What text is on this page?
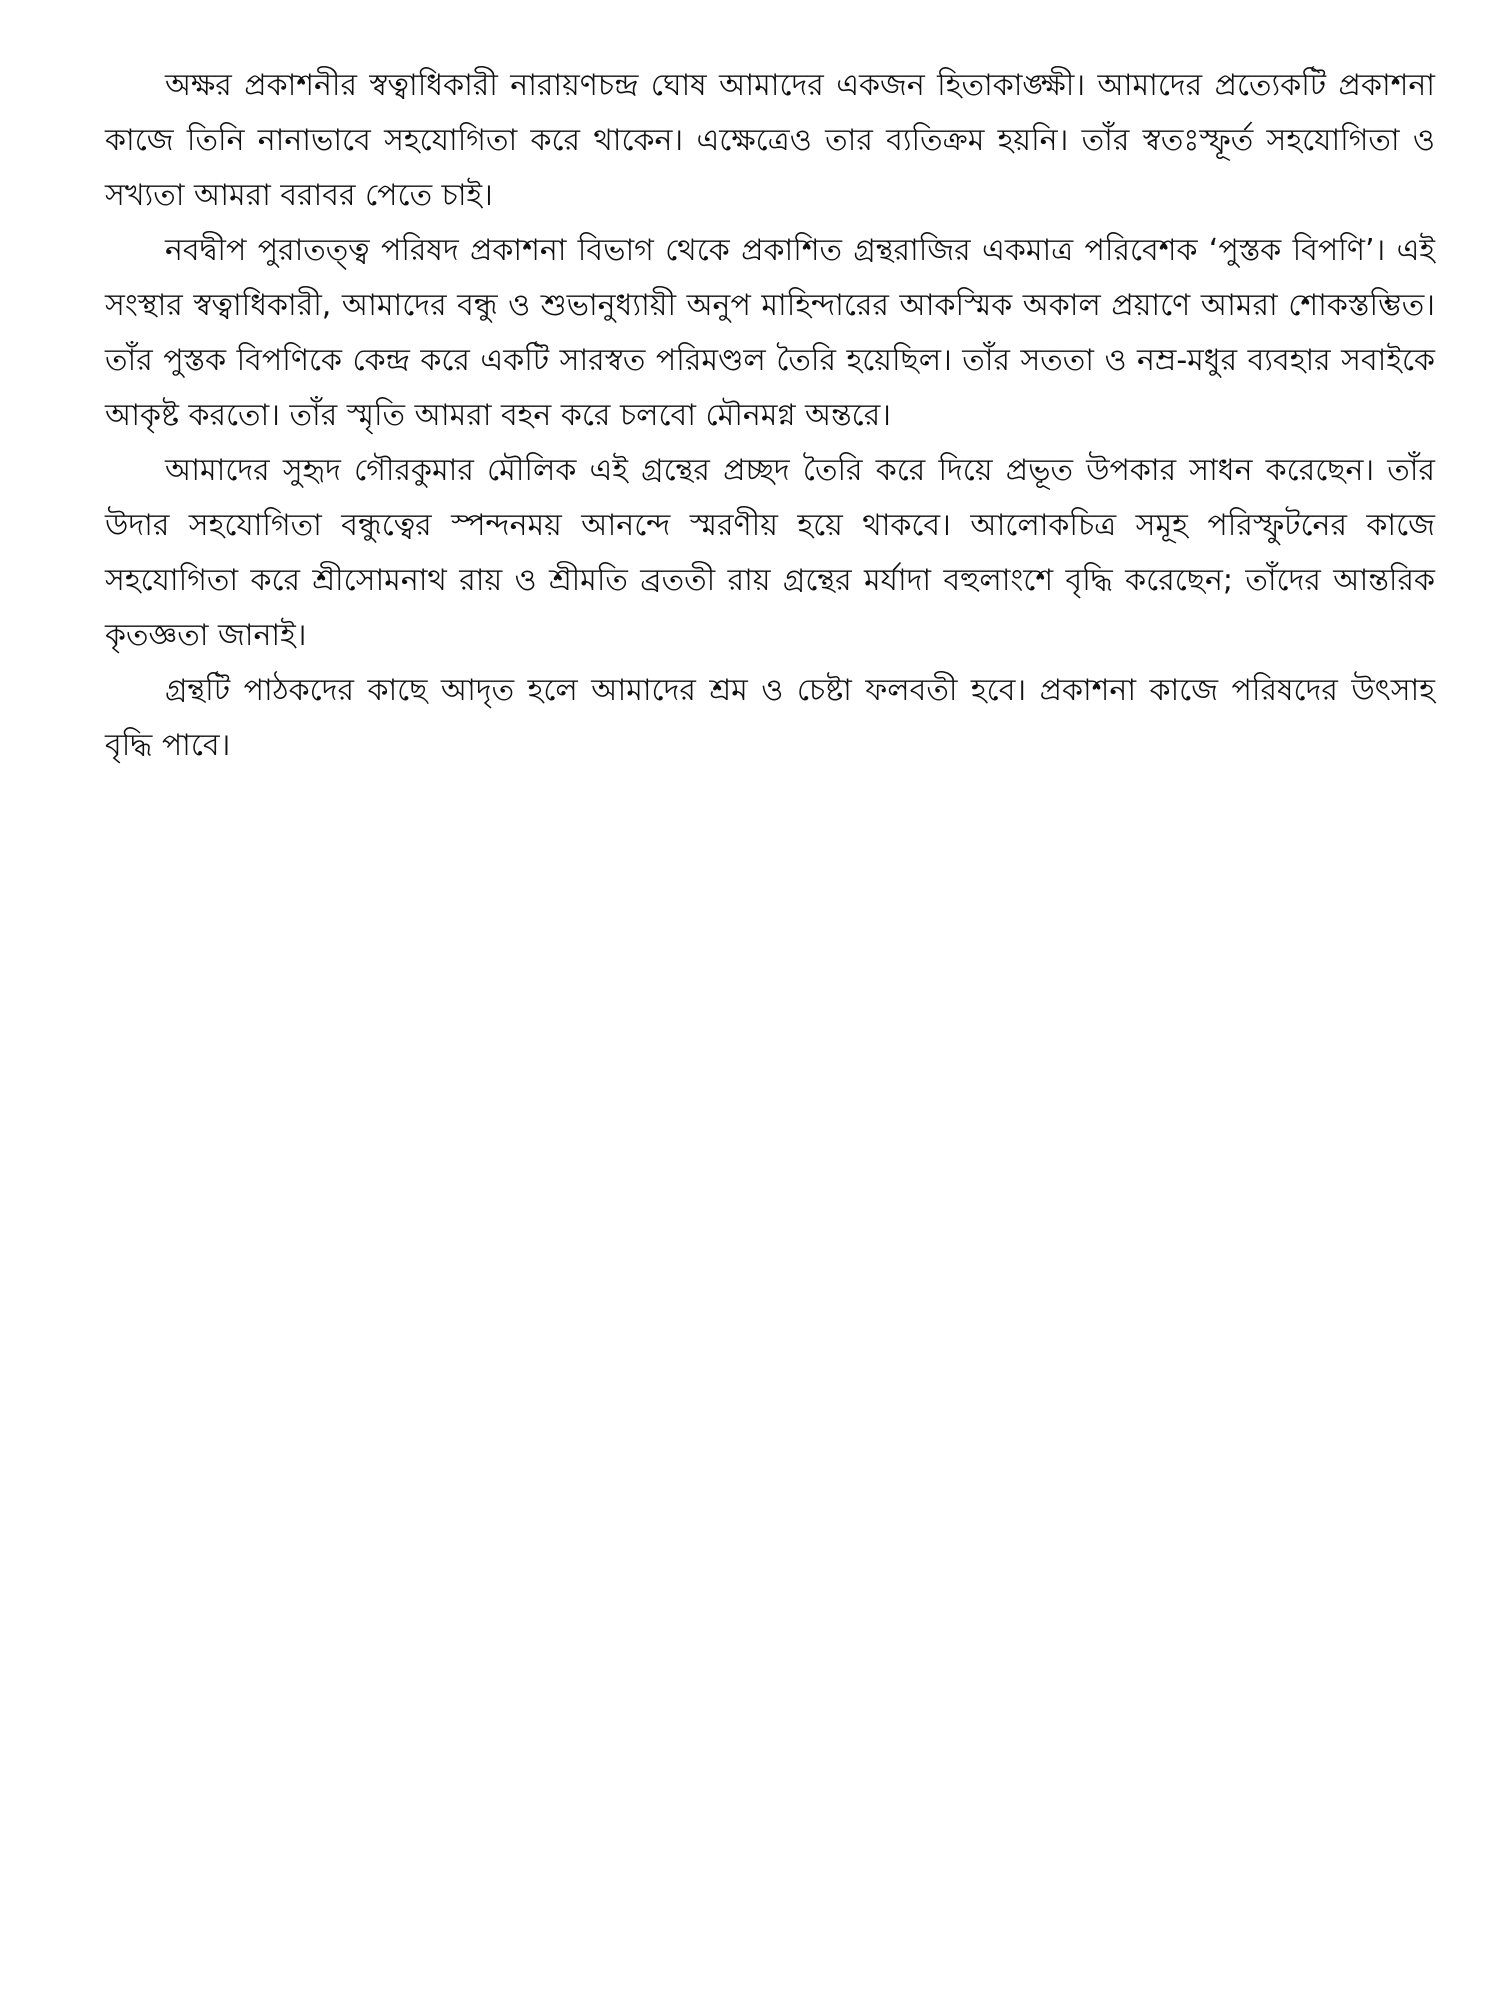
অক্ষর প্রকাশনীর স্বত্বাধিকারী নারায়ণচন্দ্র ঘোষ আমাদের একজন হিতাকাঙ্ক্ষী। আমাদের প্রত্যেকটি প্রকাশনা কাজে তিনি নানাভাবে সহযোগিতা করে থাকেন। এক্ষেত্রেও তার ব্যতিক্রম হয়নি। তাঁর স্বতঃস্ফূর্ত সহযোগিতা ও সখ্যতা আমরা বরাবর পেতে চাই।

নবদ্বীপ পুরাতত্ত্ব পরিষদ প্রকাশনা বিভাগ থেকে প্রকাশিত গ্রন্থরাজির একমাত্র পরিবেশক ‘পুস্তক বিপণি’। এই সংস্থার স্বত্বাধিকারী, আমাদের বন্ধু ও শুভানুধ্যায়ী অনুপ মাহিন্দারের আকস্মিক অকাল প্রয়াণে আমরা শোকস্তম্ভিত। তাঁর পুস্তক বিপণিকে কেন্দ্র করে একটি সারস্বত পরিমণ্ডল তৈরি হয়েছিল। তাঁর সততা ও নম্র-মধুর ব্যবহার সবাইকে আকৃষ্ট করতো। তাঁর স্মৃতি আমরা বহন করে চলবো মৌনমগ্ন অন্তরে।

আমাদের সুহৃদ গৌরকুমার মৌলিক এই গ্রন্থের প্রচ্ছদ তৈরি করে দিয়ে প্রভূত উপকার সাধন করেছেন। তাঁর উদার সহযোগিতা বন্ধুত্বের স্পন্দনময় আনন্দে স্মরণীয় হয়ে থাকবে। আলোকচিত্র সমূহ পরিস্ফুটনের কাজে সহযোগিতা করে শ্রীসোমনাথ রায় ও শ্রীমতি ব্রততী রায় গ্রন্থের মর্যাদা বহুলাংশে বৃদ্ধি করেছেন; তাঁদের আন্তরিক কৃতজ্ঞতা জানাই।

গ্রন্থটি পাঠকদের কাছে আদৃত হলে আমাদের শ্রম ও চেষ্টা ফলবতী হবে। প্রকাশনা কাজে পরিষদের উৎসাহ বৃদ্ধি পাবে।
